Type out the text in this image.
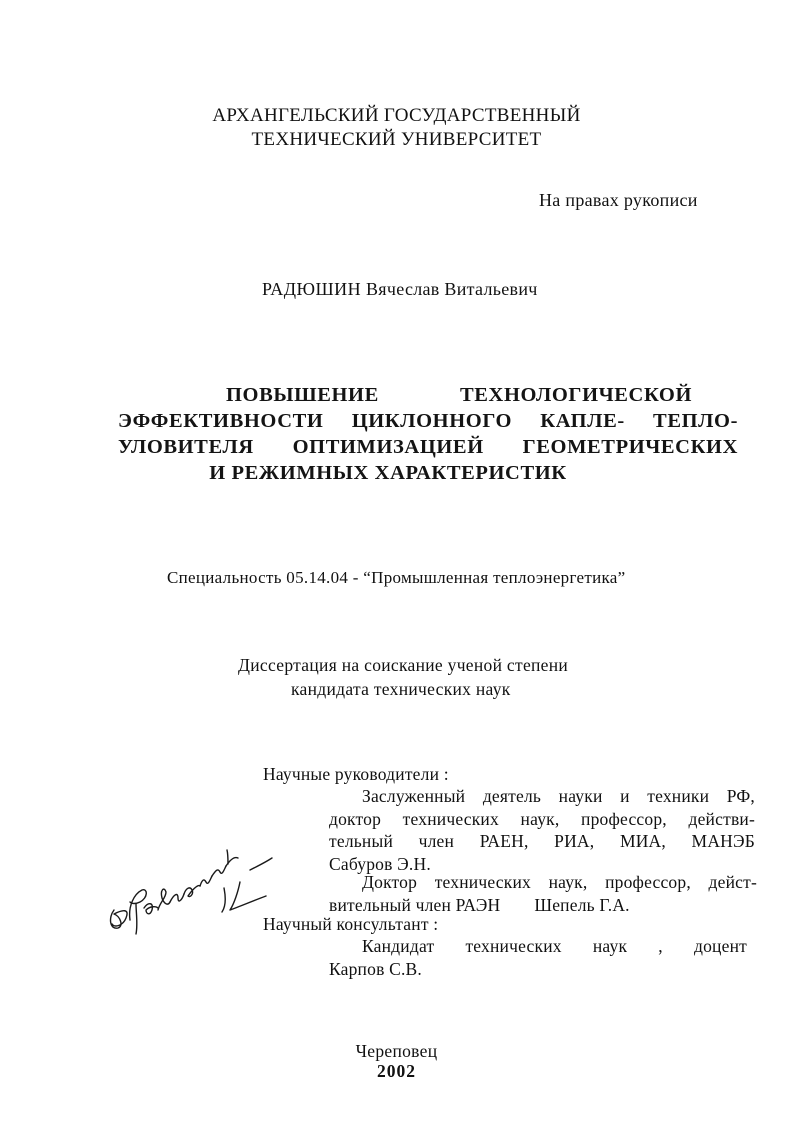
АРХАНГЕЛЬСКИЙ ГОСУДАРСТВЕННЫЙ
ТЕХНИЧЕСКИЙ УНИВЕРСИТЕТ
На правах рукописи
РАДЮШИН Вячеслав Витальевич
ПОВЫШЕНИЕ ТЕХНОЛОГИЧЕСКОЙ
ЭФФЕКТИВНОСТИ ЦИКЛОННОГО КАПЛЕ- ТЕПЛО-
УЛОВИТЕЛЯ ОПТИМИЗАЦИЕЙ ГЕОМЕТРИЧЕСКИХ
И РЕЖИМНЫХ ХАРАКТЕРИСТИК
Специальность 05.14.04 - “Промышленная теплоэнергетика”
Диссертация на соискание ученой степени
кандидата технических наук
Научные руководители :
Заслуженный деятель науки и техники РФ,
доктор технических наук, профессор, действи-
тельный член РАЕН, РИА, МИА, МАНЭБ
Сабуров Э.Н.
Доктор технических наук, профессор, дейст-
вительный член РАЭН Шепель Г.А.
Научный консультант :
Кандидат технических наук , доцент
Карпов С.В.
Череповец
2002
